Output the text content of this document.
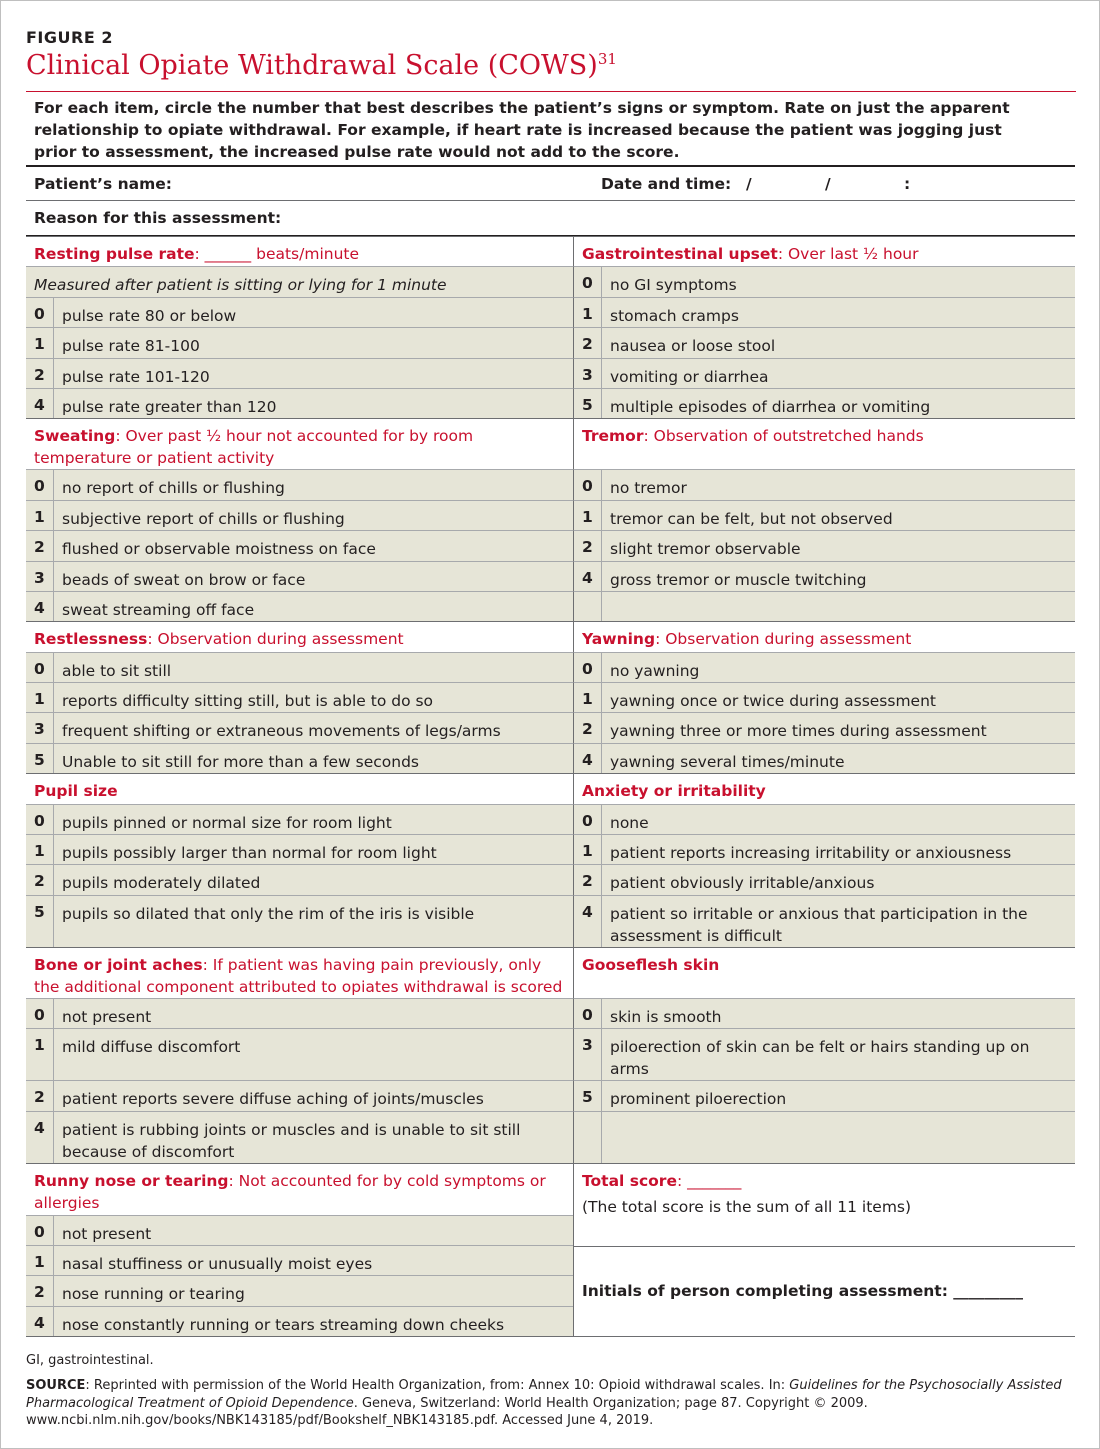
FIGURE 2
Clinical Opiate Withdrawal Scale (COWS)$^{31}$
For each item, circle the number that best describes the patient’s signs or symptom. Rate on just the apparent relationship to opiate withdrawal. For example, if heart rate is increased because the patient was jogging just prior to assessment, the increased pulse rate would not add to the score.
Patient’s name:	Date and time: /	/	:
Reason for this assessment:
Resting pulse rate: ______ beats/minute	Gastrointestinal upset: Over last ½ hour
Measured after patient is sitting or lying for 1 minute	0	no GI symptoms
0	pulse rate 80 or below	1	stomach cramps
1	pulse rate 81-100	2	nausea or loose stool
2	pulse rate 101-120	3	vomiting or diarrhea
4	pulse rate greater than 120	5	multiple episodes of diarrhea or vomiting
Sweating: Over past ½ hour not accounted for by room temperature or patient activity
Tremor: Observation of outstretched hands
0	no report of chills or flushing	0	no tremor
1	subjective report of chills or flushing	1	tremor can be felt, but not observed
2	flushed or observable moistness on face	2	slight tremor observable
3	beads of sweat on brow or face	4	gross tremor or muscle twitching
4	sweat streaming off face
Restlessness: Observation during assessment	Yawning: Observation during assessment
0	able to sit still	0	no yawning
1	reports difficulty sitting still, but is able to do so	1	yawning once or twice during assessment
3	frequent shifting or extraneous movements of legs/arms	2	yawning three or more times during assessment
5	Unable to sit still for more than a few seconds	4	yawning several times/minute
Pupil size	Anxiety or irritability
0	pupils pinned or normal size for room light	0	none
1	pupils possibly larger than normal for room light	1	patient reports increasing irritability or anxiousness
2	pupils moderately dilated	2	patient obviously irritable/anxious
5	pupils so dilated that only the rim of the iris is visible	4	patient so irritable or anxious that participation in the assessment is difficult
Bone or joint aches: If patient was having pain previously, only the additional component attributed to opiates withdrawal is scored
Gooseflesh skin
0	not present	0	skin is smooth
1	mild diffuse discomfort	3	piloerection of skin can be felt or hairs standing up on arms
2	patient reports severe diffuse aching of joints/muscles	5	prominent piloerection
4	patient is rubbing joints or muscles and is unable to sit still because of discomfort
Runny nose or tearing: Not accounted for by cold symptoms or allergies
0	not present
1	nasal stuffiness or unusually moist eyes
2	nose running or tearing
4	nose constantly running or tears streaming down cheeks
Total score: _______
(The total score is the sum of all 11 items)
Initials of person completing assessment: _________
GI, gastrointestinal.
SOURCE: Reprinted with permission of the World Health Organization, from: Annex 10: Opioid withdrawal scales. In: Guidelines for the Psychosocially Assisted Pharmacological Treatment of Opioid Dependence. Geneva, Switzerland: World Health Organization; page 87. Copyright © 2009. www.ncbi.nlm.nih.gov/books/NBK143185/pdf/Bookshelf_NBK143185.pdf. Accessed June 4, 2019.
